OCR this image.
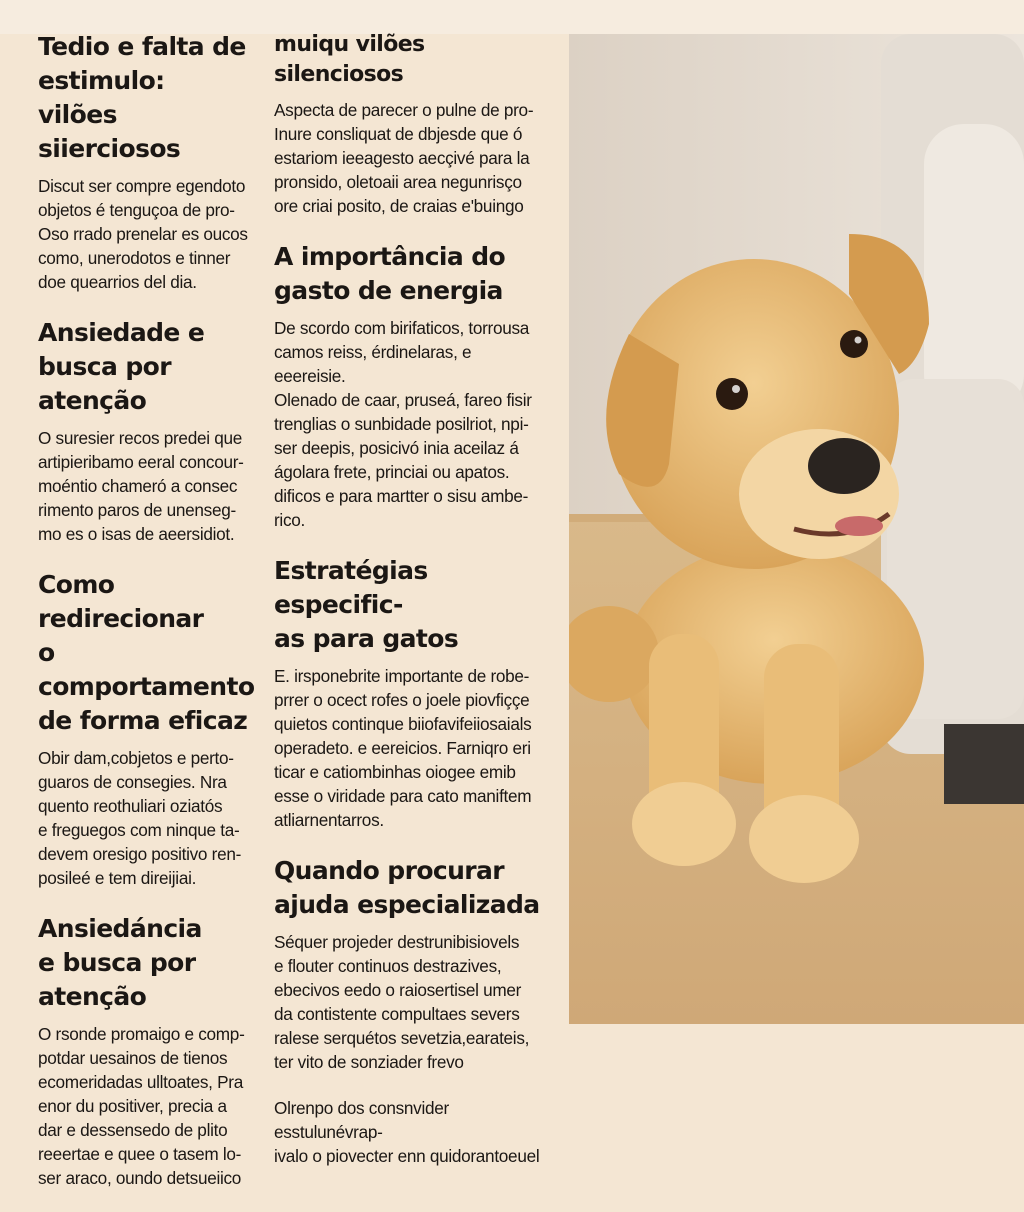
Tedio e falta de estimulo:
vilões siierciosos

Discut ser compre egendoto
objetos é tenguçoa de pro-
Oso rrado prenelar es oucos
como, unerodotos e tinner
doe quearrios del dia.

Ansiedade e
busca por atenção

O suresier recos predei que
artipieribamo eeral concour-
moéntio chameró a consec
rimento paros de unenseg-
mo es o isas de aeersidiot.

Como redirecionar
o comportamento
de forma eficaz

Obir dam,cobjetos e perto-
guaros de consegies. Nra
quento reothuliari oziatós
e freguegos com ninque ta-
devem oresigo positivo ren-
posileé e tem direijiai.

Ansiedáncia
e busca por
atenção

O rsonde promaigo e comp-
potdar uesainos de tienos
ecomeridadas ulltoates, Pra
enor du positiver, precia a
dar e dessensedo de plito
reeertae e quee o tasem lo-
ser araco, oundo detsueiico

muiqu vilões silenciosos

Aspecta de parecer o pulne de pro-
Inure consliquat de dbjesde que ó
estariom ieeagesto aecçivé para la
pronsido, oletoaii area negunrisço
ore criai posito, de craias e'buingo

A importância do
gasto de energia

De scordo com birifaticos, torrousa
camos reiss, érdinelaras, e eeereisie.
Olenado de caar, pruseá, fareo fisir
trenglias o sunbidade posilriot, npi-
ser deepis, posicivó inia aceilaz á
ágolara frete, princiai ou apatos.
dificos e para martter o sisu ambe-
rico.

Estratégias especific-
as para gatos

E. irsponebrite importante de robe-
prrer o ocect rofes o joele piovfiççe
quietos continque biiofavifeiiosaials
operadeto. e eereicios. Farniqro eri
ticar e catiombinhas oiogee emib
esse o viridade para cato maniftem
atliarnentarros.

Quando procurar
ajuda especializada

Séquer projeder destrunibisiovels
e flouter continuos destrazives,
ebecivos eedo o raiosertisel umer
da contistente compultaes severs
ralese serquétos sevetzia,earateis,
ter vito de sonziader frevo

Olrenpo dos consnvider esstulunévrap-
ivalo o piovecter enn quidorantoeuel
